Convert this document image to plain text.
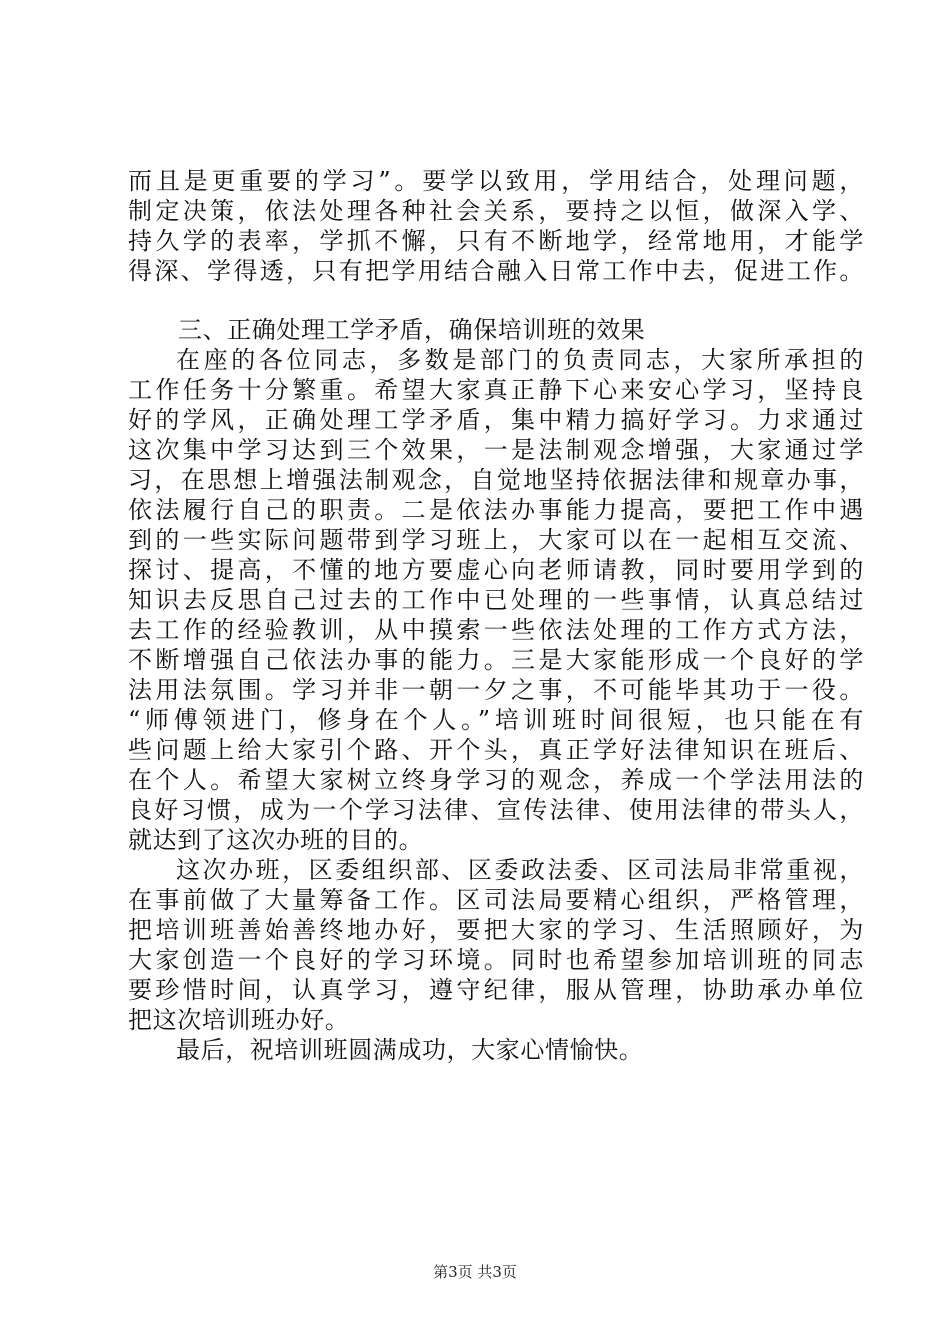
而且是更重要的学习”。要学以致用，学用结合，处理问题，
制定决策，依法处理各种社会关系，要持之以恒，做深入学、
持久学的表率，学抓不懈，只有不断地学，经常地用，才能学
得深、学得透，只有把学用结合融入日常工作中去，促进工作。
三、正确处理工学矛盾，确保培训班的效果
在座的各位同志，多数是部门的负责同志，大家所承担的
工作任务十分繁重。希望大家真正静下心来安心学习，坚持良
好的学风，正确处理工学矛盾，集中精力搞好学习。力求通过
这次集中学习达到三个效果，一是法制观念增强，大家通过学
习，在思想上增强法制观念，自觉地坚持依据法律和规章办事，
依法履行自己的职责。二是依法办事能力提高，要把工作中遇
到的一些实际问题带到学习班上，大家可以在一起相互交流、
探讨、提高，不懂的地方要虚心向老师请教，同时要用学到的
知识去反思自己过去的工作中已处理的一些事情，认真总结过
去工作的经验教训，从中摸索一些依法处理的工作方式方法，
不断增强自己依法办事的能力。三是大家能形成一个良好的学
法用法氛围。学习并非一朝一夕之事，不可能毕其功于一役。
“师傅领进门，修身在个人。”培训班时间很短，也只能在有
些问题上给大家引个路、开个头，真正学好法律知识在班后、
在个人。希望大家树立终身学习的观念，养成一个学法用法的
良好习惯，成为一个学习法律、宣传法律、使用法律的带头人，
就达到了这次办班的目的。
这次办班，区委组织部、区委政法委、区司法局非常重视，
在事前做了大量筹备工作。区司法局要精心组织，严格管理，
把培训班善始善终地办好，要把大家的学习、生活照顾好，为
大家创造一个良好的学习环境。同时也希望参加培训班的同志
要珍惜时间，认真学习，遵守纪律，服从管理，协助承办单位
把这次培训班办好。
最后，祝培训班圆满成功，大家心情愉快。
第3页 共3页
